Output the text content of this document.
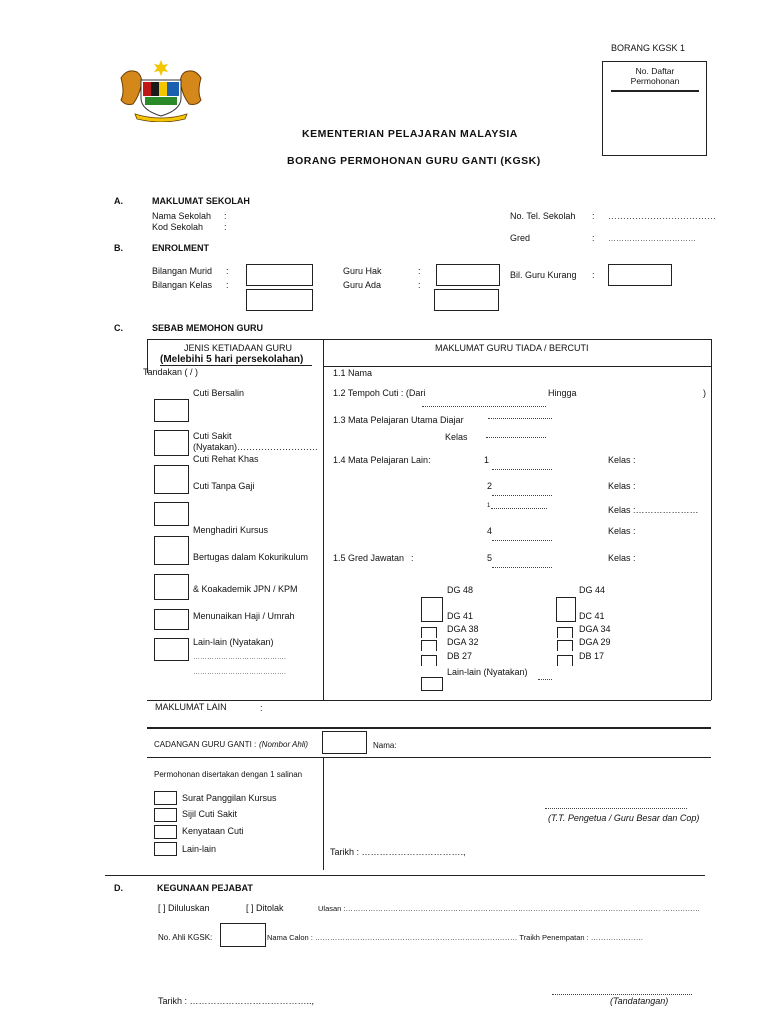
BORANG KGSK 1
No. Daftar Permohonan
KEMENTERIAN PELAJARAN MALAYSIA
BORANG PERMOHONAN GURU GANTI (KGSK)
A.	MAKLUMAT SEKOLAH
Nama Sekolah :
Kod Sekolah :
No. Tel. Sekolah : ………………………………
Gred	: ……………………………
B.	ENROLMENT
Bilangan Murid :
Bilangan Kelas :
Guru Hak	:
Guru Ada	:
Bil. Guru Kurang :
C.	SEBAB MEMOHON GURU
JENIS KETIADAAN GURU
(Melebihi 5 hari persekolahan)
Tandakan ( / )
MAKLUMAT GURU TIADA / BERCUTI
Cuti Bersalin
Cuti Sakit
(Nyatakan)………………………
Cuti Rehat Khas
Cuti Tanpa Gaji
Menghadiri Kursus
Bertugas dalam Kokurikulum
& Koakademik JPN / KPM
Menunaikan Haji / Umrah
Lain-lain (Nyatakan)
………………………………….
………………………………….
1.1 Nama
1.2 Tempoh Cuti : (Dari	Hingga	)
1.3 Mata Pelajaran Utama Diajar
Kelas
1.4 Mata Pelajaran Lain:	1	Kelas :
2	Kelas :
1	Kelas :…………………
4	Kelas :
1.5 Gred Jawatan :	5	Kelas :
DG 48
DG 41
DGA 38
DGA 32
DB 27
Lain-lain (Nyatakan)
DG 44
DC 41
DGA 34
DGA 29
DB 17
MAKLUMAT LAIN	:
CADANGAN GURU GANTI : (Nombor Ahli)	Nama:
Permohonan disertakan dengan 1 salinan
Surat Panggilan Kursus
Sijil Cuti Sakit
Kenyataan Cuti
Lain-lain
(T.T. Pengetua / Guru Besar dan Cop)
Tarikh : …………………………….,
D.	KEGUNAAN PEJABAT
[ ] Diluluskan	[ ] Ditolak	Ulasan :……………………………………………………………………………………………………………… ……………
No. Ahli KGSK:	Nama Calon : ……………………………………………………………………… Traikh Penempatan : …………………
Tarikh : …………………………………..,	(Tandatangan)
